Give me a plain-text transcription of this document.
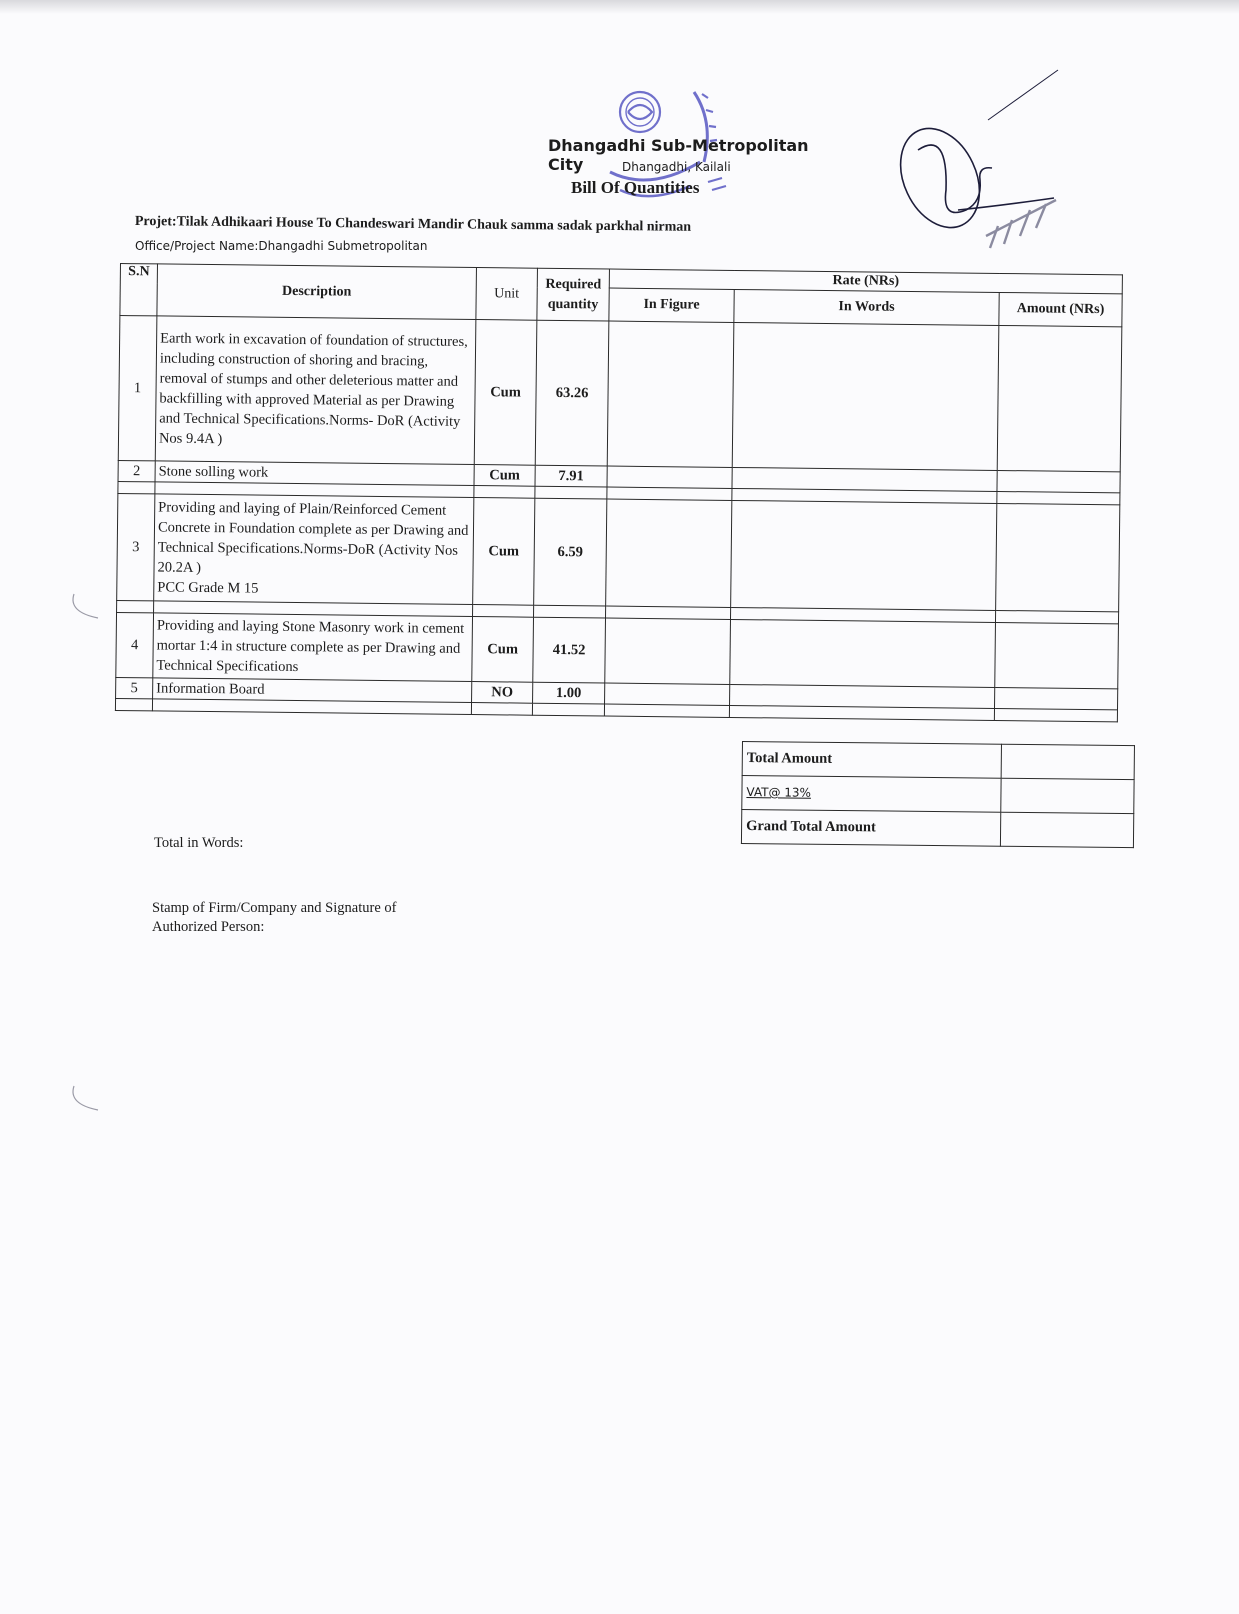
Dhangadhi Sub-Metropolitan City	Dhangadhi, Kailali
Bill Of Quantities
Projet:Tilak Adhikaari House To Chandeswari Mandir Chauk samma sadak parkhal nirman
Office/Project Name:Dhangadhi Submetropolitan
S.N	Description	Unit	Required
quantity	Rate (NRs)		
				In Figure	In Words	Amount (NRs)
1	Earth work in excavation of foundation of structures, including construction of shoring and bracing, removal of stumps and other deleterious matter and backfilling with approved Material as per Drawing and Technical Specifications.Norms- DoR (Activity Nos 9.4A )	Cum	63.26			
2	Stone solling work	Cum	7.91			

3	Providing and laying of Plain/Reinforced Cement Concrete in Foundation complete as per Drawing and Technical Specifications.Norms-DoR (Activity Nos 20.2A )
PCC Grade M 15	Cum	6.59			

4	Providing and laying Stone Masonry work in cement mortar 1:4 in structure complete as per Drawing and Technical Specifications	Cum	41.52			
5	Information Board	NO	1.00			

Total Amount	
VAT@ 13%	
Grand Total Amount	
Total in Words:
Stamp of Firm/Company and Signature of
Authorized Person:
